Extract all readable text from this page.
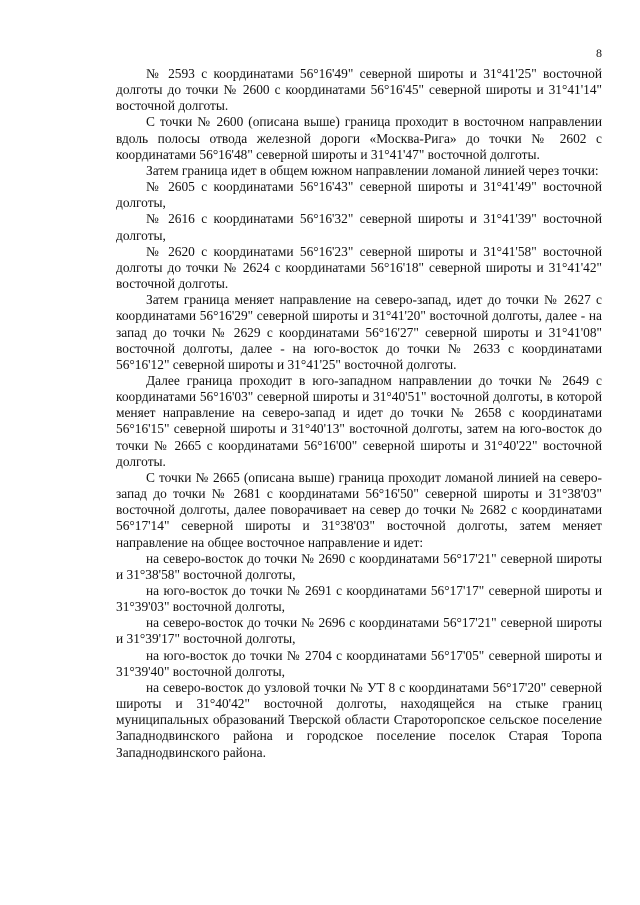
8

№ 2593 с координатами 56°16'49" северной широты и 31°41'25" восточной долготы до точки № 2600 с координатами 56°16'45" северной широты и 31°41'14" восточной долготы.

С точки № 2600 (описана выше) граница проходит в восточном направлении вдоль полосы отвода железной дороги «Москва-Рига» до точки № 2602 с координатами 56°16'48" северной широты и 31°41'47" восточной долготы.

Затем граница идет в общем южном направлении ломаной линией через точки:

№ 2605 с координатами 56°16'43" северной широты и 31°41'49" восточной долготы,

№ 2616 с координатами 56°16'32" северной широты и 31°41'39" восточной долготы,

№ 2620 с координатами 56°16'23" северной широты и 31°41'58" восточной долготы до точки № 2624 с координатами 56°16'18" северной широты и 31°41'42" восточной долготы.

Затем граница меняет направление на северо-запад, идет до точки № 2627 с координатами 56°16'29" северной широты и 31°41'20" восточной долготы, далее - на запад до точки № 2629 с координатами 56°16'27" северной широты и 31°41'08" восточной долготы, далее - на юго-восток до точки № 2633 с координатами 56°16'12" северной широты и 31°41'25" восточной долготы.

Далее граница проходит в юго-западном направлении до точки № 2649 с координатами 56°16'03" северной широты и 31°40'51" восточной долготы, в которой меняет направление на северо-запад и идет до точки № 2658 с координатами 56°16'15" северной широты и 31°40'13" восточной долготы, затем на юго-восток до точки № 2665 с координатами 56°16'00" северной широты и 31°40'22" восточной долготы.

С точки № 2665 (описана выше) граница проходит ломаной линией на северо-запад до точки № 2681 с координатами 56°16'50" северной широты и 31°38'03" восточной долготы, далее поворачивает на север до точки № 2682 с координатами 56°17'14" северной широты и 31°38'03" восточной долготы, затем меняет направление на общее восточное направление и идет:

на северо-восток до точки № 2690 с координатами 56°17'21" северной широты и 31°38'58" восточной долготы,

на юго-восток до точки № 2691 с координатами 56°17'17" северной широты и 31°39'03" восточной долготы,

на северо-восток до точки № 2696 с координатами 56°17'21" северной широты и 31°39'17" восточной долготы,

на юго-восток до точки № 2704 с координатами 56°17'05" северной широты и 31°39'40" восточной долготы,

на северо-восток до узловой точки № УТ 8 с координатами 56°17'20" северной широты и 31°40'42" восточной долготы, находящейся на стыке границ муниципальных образований Тверской области Староторопское сельское поселение Западнодвинского района и городское поселение поселок Старая Торопа Западнодвинского района.
